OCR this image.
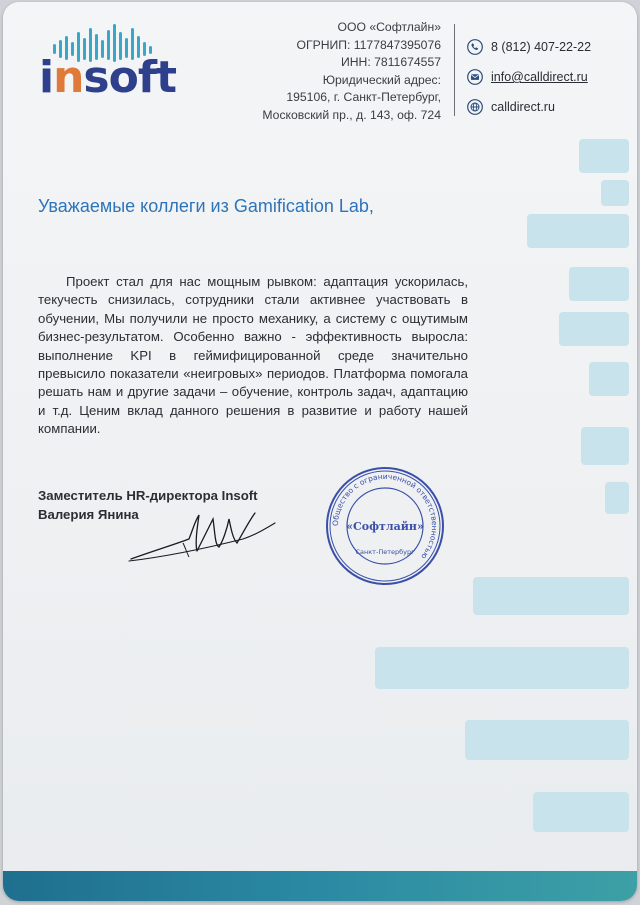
insoft
ООО «Софтлайн»
ОГРНИП: 1177847395076
ИНН: 7811674557
Юридический адрес:
195106, г. Санкт-Петербург,
Московский пр., д. 143, оф. 724
8 (812) 407-22-22
info@calldirect.ru
calldirect.ru
Уважаемые коллеги из Gamification Lab,
Проект стал для нас мощным рывком: адаптация ускорилась, текучесть снизилась, сотрудники стали активнее участвовать в обучении, Мы получили не просто механику, а систему с ощутимым бизнес-результатом. Особенно важно - эффективность выросла: выполнение KPI в геймифицированной среде значительно превысило показатели «неигровых» периодов. Платформа помогала решать нам и другие задачи – обучение, контроль задач, адаптацию и т.д. Ценим вклад данного решения в развитие и работу нашей компании.
Заместитель HR-директора Insoft
Валерия Янина
Общество с ограниченной ответственностью
«Софтлайн»
Санкт-Петербург
